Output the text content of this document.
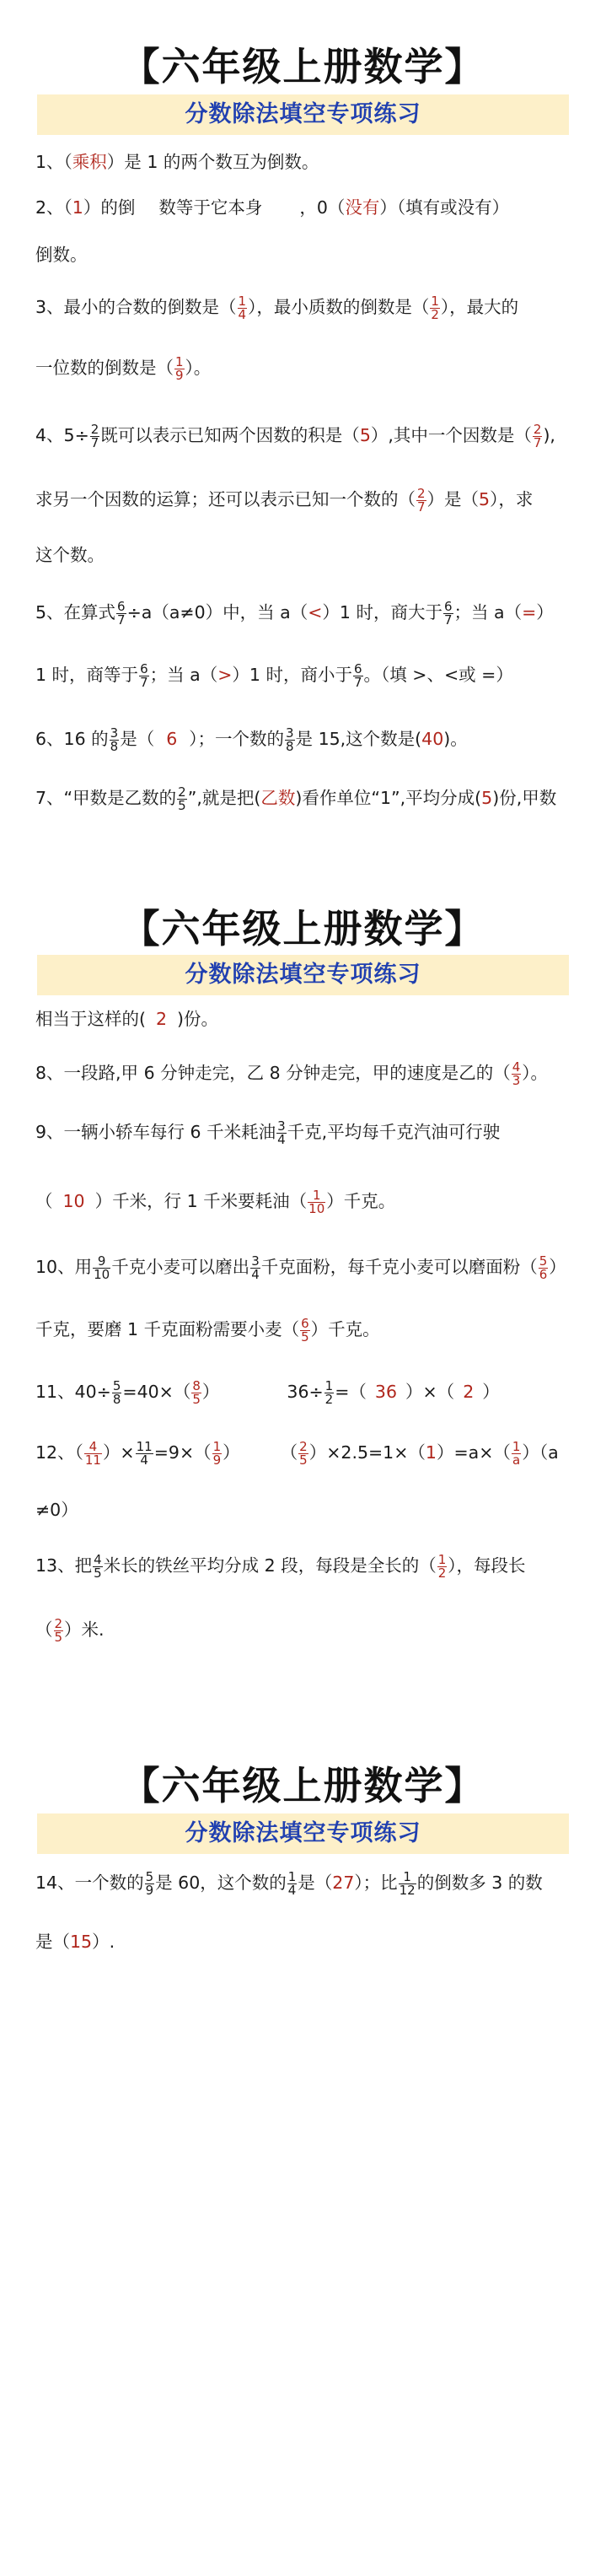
【六年级上册数学】
分数除法填空专项练习
1、（乘积）是 1 的两个数互为倒数。
2、（1）的倒 数等于它本身 ，0（没有）（填有或没有）
倒数。
3、最小的合数的倒数是（ $\frac{1}{4}$ ），最小质数的倒数是（ $\frac{1}{2}$ ），最大的
一位数的倒数是（ $\frac{1}{9}$ ）。
4、$5\div \frac{2}{7}$ 既可以表示已知两个因数的积是（5）,其中一个因数是（ $\frac{2}{7}$ ),
求另一个因数的运算；还可以表示已知一个数的（ $\frac{2}{7}$ ）是（5），求
这个数。
5、在算式 $\frac{6}{7} \div a(a\ne 0)$中，当 a（<）1 时，商大于 $\frac{6}{7}$ ；当 a（=）
1 时，商等于 $\frac{6}{7}$ ；当 a（>）1 时，商小于 $\frac{6}{7}$ 。（填 >、<或 =）
6、16 的 $\frac{3}{8}$ 是（ 6 ）；一个数的 $\frac{3}{8}$ 是 15,这个数是(40)。
7、“甲数是乙数的 $\frac{2}{5}$ ”,就是把(乙数)看作单位“1”,平均分成(5)份,甲数
【六年级上册数学】
分数除法填空专项练习
相当于这样的( 2 )份。
8、一段路,甲 6 分钟走完，乙 8 分钟走完，甲的速度是乙的（ $\frac{4}{3}$ ）。
9、一辆小轿车每行 6 千米耗油 $\frac{3}{4}$ 千克,平均每千克汽油可行驶
（ 10 ）千米，行 1 千米要耗油（ $\frac{1}{10}$ ）千克。
10、用 $\frac{9}{10}$ 千克小麦可以磨出 $\frac{3}{4}$ 千克面粉，每千克小麦可以磨面粉（ $\frac{5}{6}$ ）
千克，要磨 1 千克面粉需要小麦（ $\frac{6}{5}$ ）千克。
11、$40\div \frac{5}{8} =40\times( \frac{8}{5}$ ）	$36\div \frac{1}{2}$ =（ 36 ）×（ 2 ）
12、（ $\frac{4}{11}$ ）× $\frac{11}{4} =9\times( \frac{1}{9}$ ） （ $\frac{2}{5} )\times 2.5=1\times(1)=a\times( \frac{1}{a} )(a$
≠0）
13、把 $\frac{4}{5}$ 米长的铁丝平均分成 2 段，每段是全长的（ $\frac{1}{2}$ ），每段长
（ $\frac{2}{5}$ ）米.
【六年级上册数学】
分数除法填空专项练习
14、一个数的 $\frac{5}{9}$ 是 60，这个数的 $\frac{1}{4}$ 是（27）；比 $\frac{1}{12}$ 的倒数多 3 的数
是（15）.
